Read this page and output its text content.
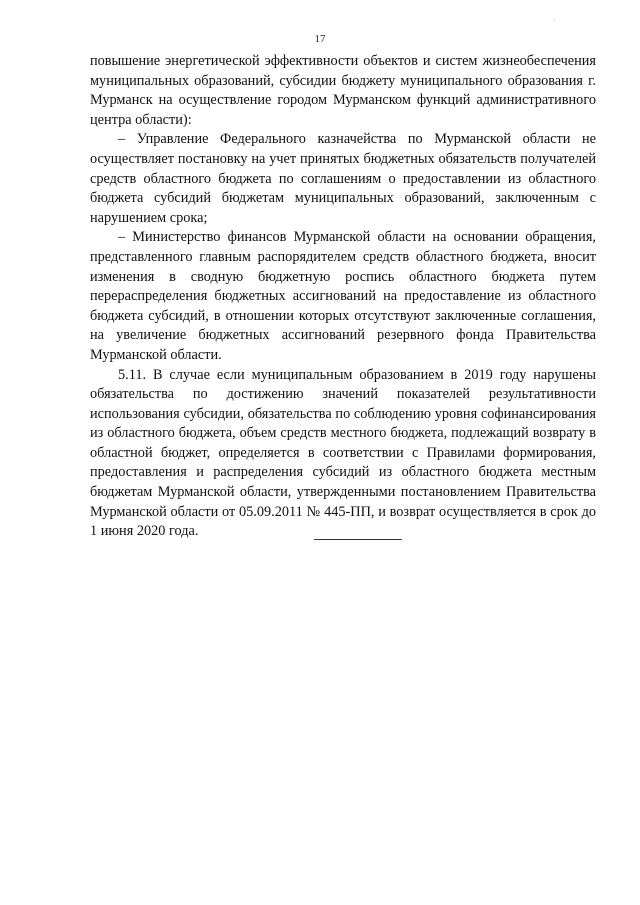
·
17

повышение энергетической эффективности объектов и систем жизнеобеспечения муниципальных образований, субсидии бюджету муниципального образования г. Мурманск на осуществление городом Мурманском функций административного центра области):

– Управление Федерального казначейства по Мурманской области не осуществляет постановку на учет принятых бюджетных обязательств получателей средств областного бюджета по соглашениям о предоставлении из областного бюджета субсидий бюджетам муниципальных образований, заключенным с нарушением срока;

– Министерство финансов Мурманской области на основании обращения, представленного главным распорядителем средств областного бюджета, вносит изменения в сводную бюджетную роспись областного бюджета путем перераспределения бюджетных ассигнований на предоставление из областного бюджета субсидий, в отношении которых отсутствуют заключенные соглашения, на увеличение бюджетных ассигнований резервного фонда Правительства Мурманской области.

5.11. В случае если муниципальным образованием в 2019 году нарушены обязательства по достижению значений показателей результативности использования субсидии, обязательства по соблюдению уровня софинансирования из областного бюджета, объем средств местного бюджета, подлежащий возврату в областной бюджет, определяется в соответствии с Правилами формирования, предоставления и распределения субсидий из областного бюджета местным бюджетам Мурманской области, утвержденными постановлением Правительства Мурманской области от 05.09.2011 № 445-ПП, и возврат осуществляется в срок до 1 июня 2020 года.
